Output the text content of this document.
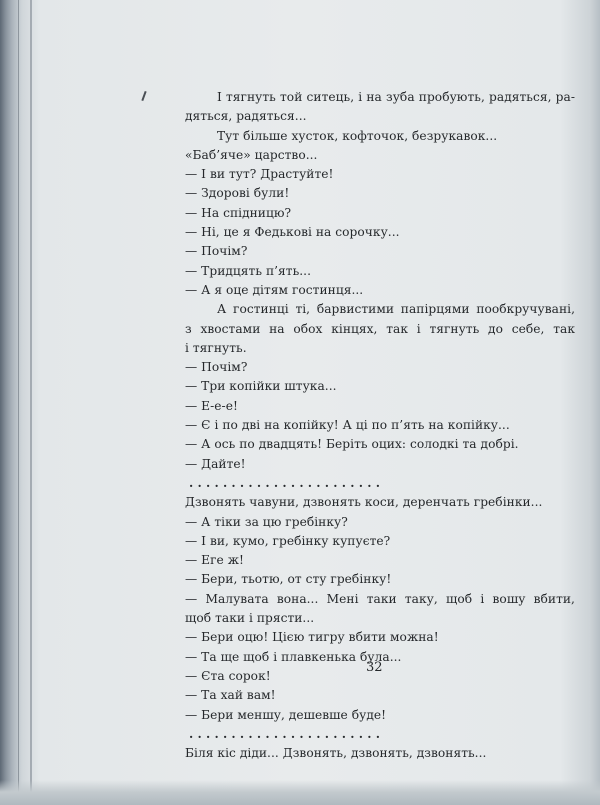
І тягнуть той ситець, і на зуба пробують, радяться, ра-
дяться, радяться...
Тут більше хусток, кофточок, безрукавок...
«Баб’яче» царство...
— І ви тут? Драстуйте!
— Здорові були!
— На спідницю?
— Ні, це я Федькові на сорочку...
— Почім?
— Тридцять п’ять...
— А я оце дітям гостинця...
А гостинці ті, барвистими папірцями пообкручувані,
з хвостами на обох кінцях, так і тягнуть до себе, так
і тягнуть.
— Почім?
— Три копійки штука...
— Е-е-е!
— Є і по дві на копійку! А ці по п’ять на копійку...
— А ось по двадцять! Беріть оцих: солодкі та добрі.
— Дайте!
. . . . . . . . . . . . . . . . . . . . . . .
Дзвонять чавуни, дзвонять коси, деренчать гребінки...
— А тіки за цю гребінку?
— І ви, кумо, гребінку купуєте?
— Еге ж!
— Бери, тьотю, от сту гребінку!
— Малувата вона... Мені таки таку, щоб і вошу вбити,
щоб таки і прясти...
— Бери оцю! Цією тигру вбити можна!
— Та ще щоб і плавкенька була...
— Єта сорок!
— Та хай вам!
— Бери меншу, дешевше буде!
. . . . . . . . . . . . . . . . . . . . . . .
Біля кіс діди... Дзвонять, дзвонять, дзвонять...
32
